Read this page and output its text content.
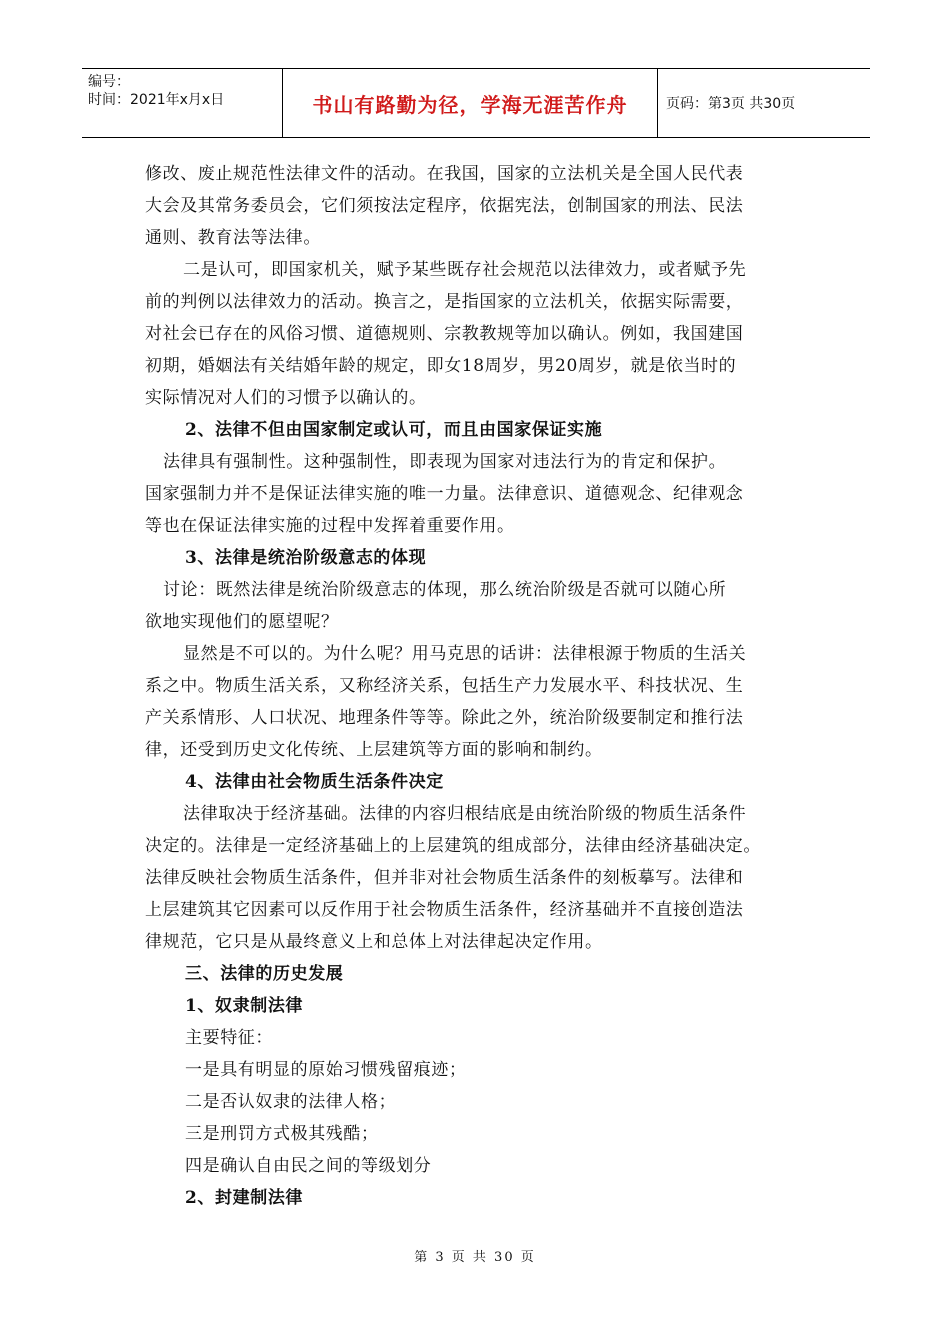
编号：
时间：2021年x月x日	书山有路勤为径，学海无涯苦作舟	页码：第3页 共30页

修改、废止规范性法律文件的活动。在我国，国家的立法机关是全国人民代表

大会及其常务委员会，它们须按法定程序，依据宪法，创制国家的刑法、民法

通则、教育法等法律。

二是认可，即国家机关，赋予某些既存社会规范以法律效力，或者赋予先

前的判例以法律效力的活动。换言之，是指国家的立法机关，依据实际需要，

对社会已存在的风俗习惯、道德规则、宗教教规等加以确认。例如，我国建国

初期，婚姻法有关结婚年龄的规定，即女18周岁，男20周岁，就是依当时的

实际情况对人们的习惯予以确认的。

2、法律不但由国家制定或认可，而且由国家保证实施

法律具有强制性。这种强制性，即表现为国家对违法行为的肯定和保护。

国家强制力并不是保证法律实施的唯一力量。法律意识、道德观念、纪律观念

等也在保证法律实施的过程中发挥着重要作用。

3、法律是统治阶级意志的体现

讨论：既然法律是统治阶级意志的体现，那么统治阶级是否就可以随心所

欲地实现他们的愿望呢？

显然是不可以的。为什么呢？用马克思的话讲：法律根源于物质的生活关

系之中。物质生活关系，又称经济关系，包括生产力发展水平、科技状况、生

产关系情形、人口状况、地理条件等等。除此之外，统治阶级要制定和推行法

律，还受到历史文化传统、上层建筑等方面的影响和制约。

4、法律由社会物质生活条件决定

法律取决于经济基础。法律的内容归根结底是由统治阶级的物质生活条件

决定的。法律是一定经济基础上的上层建筑的组成部分，法律由经济基础决定。

法律反映社会物质生活条件，但并非对社会物质生活条件的刻板摹写。法律和

上层建筑其它因素可以反作用于社会物质生活条件，经济基础并不直接创造法

律规范，它只是从最终意义上和总体上对法律起决定作用。

三、法律的历史发展

1、奴隶制法律

主要特征：

一是具有明显的原始习惯残留痕迹；

二是否认奴隶的法律人格；

三是刑罚方式极其残酷；

四是确认自由民之间的等级划分

2、封建制法律

第 3 页 共 30 页
